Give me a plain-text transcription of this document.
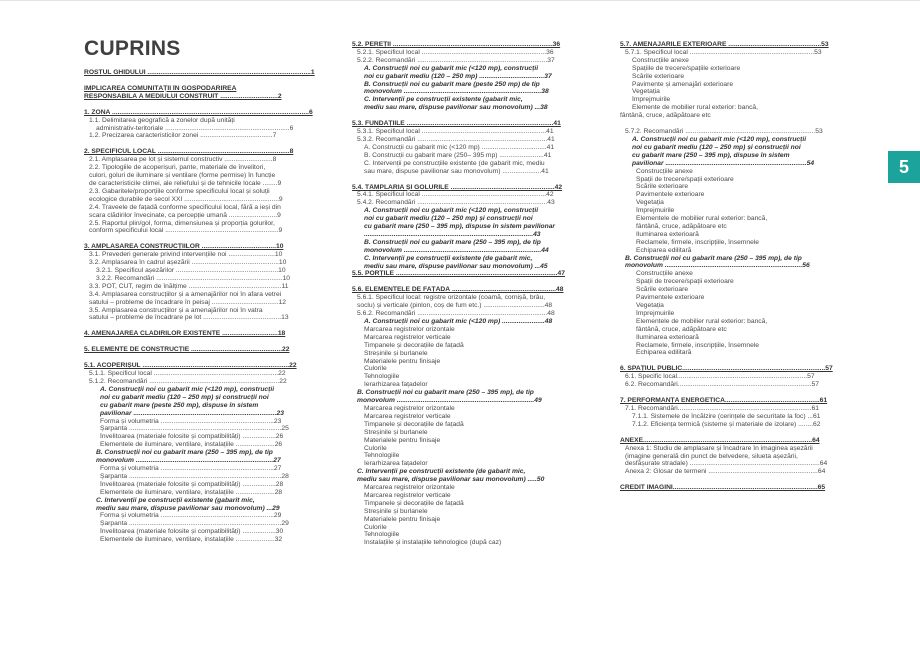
CUPRINS
ROSTUL GHIDULUI ........................................................................................1
IMPLICAREA COMUNITĂȚII ÎN GOSPODĂRIREA
RESPONSABILĂ A MEDIULUI CONSTRUIT ...............................2
1. ZONA ..........................................................................................................6
1.1. Delimitarea geografică a zonelor după unități
administrativ-teritoriale ...................................................................6
1.2. Precizarea caracteristicilor zonei .......................................7
2. SPECIFICUL LOCAL .......................................................................8
2.1. Amplasarea pe lot și sistemul constructiv ..........................8
2.2. Tipologiile de acoperișuri, pante, materiale de învelitori,
culori, goluri de iluminare și ventilare (forme permise) în funcție
de caracteristicile climei, ale reliefului și de tehnicile locale ........9
2.3. Gabaritele/proporțiile conforme specificului local și soluții
ecologice durabile de secol XXI ...................................................9
2.4. Traveele de fațadă conforme specificului local, fără a ieși din
scara clădirilor învecinate, ca percepție umană ..........................9
2.5. Raportul plin/gol, forma, dimensiunea și proporția golurilor,
conform specificului local .............................................................9
3. AMPLASAREA CONSTRUCȚIILOR ........................................10
3.1. Prevederi generale privind intervențiile noi .........................10
3.2. Amplasarea în cadrul așezării ...............................................10
3.2.1. Specificul așezărilor .......................................................10
3.2.2. Recomandări ....................................................................10
3.3. POT, CUT, regim de înălțime ..................................................11
3.4. Amplasarea construcțiilor și a amenajărilor noi în afara vetrei
satului – probleme de încadrare în peisaj ....................................12
3.5. Amplasarea construcțiilor și a amenajărilor noi în vatra
satului – probleme de încadrare pe lot ..........................................13
4. AMENAJAREA CLĂDIRILOR EXISTENTE ..............................18
5. ELEMENTE DE CONSTRUCȚIE .................................................22
5.1. ACOPERIȘUL ...............................................................................22
5.1.1. Specificul local ...................................................................22
5.1.2. Recomandări ......................................................................22
A. Construcții noi cu gabarit mic (<120 mp), construcții
noi cu gabarit mediu (120 – 250 mp) și construcții noi
cu gabarit mare (peste 250 mp), dispuse în sistem
pavilionar .............................................................................23
Forma și volumetria .............................................................23
Șarpanta ..................................................................................25
Învelitoarea (materiale folosite și compatibilități) ..................26
Elementele de iluminare, ventilare, instalațiile .....................26
B. Construcții noi cu gabarit mare (250 – 395 mp), de tip
monovolum ..........................................................................27
Forma și volumetria .............................................................27
Șarpanta ..................................................................................28
Învelitoarea (materiale folosite și compatibilități) ..................28
Elementele de iluminare, ventilare, instalațiile .....................28
C. Intervenții pe construcții existente (gabarit mic,
mediu sau mare, dispuse pavilionar sau monovolum) ...29
Forma și volumetria .............................................................29
Șarpanta ..................................................................................29
Învelitoarea (materiale folosite și compatibilități) ..................30
Elementele de iluminare, ventilare, instalațiile .....................32
5.2. PEREȚII ......................................................................................36
5.2.1. Specificul local ...................................................................36
5.2.2. Recomandări ......................................................................37
A. Construcții noi cu gabarit mic (<120 mp), construcții
noi cu gabarit mediu (120 – 250 mp) ...................................37
B. Construcții noi cu gabarit mare (peste 250 mp) de tip
monovolum ..........................................................................38
C. Intervenții pe construcții existente (gabarit mic,
mediu sau mare, dispuse pavilionar sau monovolum) ...38
5.3. FUNDAȚIILE ...............................................................................41
5.3.1. Specificul local ...................................................................41
5.3.2. Recomandări ......................................................................41
A. Construcții cu gabarit mic (<120 mp) ...................................41
B. Construcții cu gabarit mare (250– 395 mp) ........................41
C. Intervenții pe construcțiile existente (de gabarit mic, mediu
sau mare, dispuse pavilionar sau monovolum) .....................41
5.4. TÂMPLĂRIA ȘI GOLURILE ........................................................42
5.4.1. Specificul local ...................................................................42
5.4.2. Recomandări ......................................................................43
A. Construcții noi cu gabarit mic (<120 mp), construcții
noi cu gabarit mediu (120 – 250 mp) și construcții noi
cu gabarit mare (250 – 395 mp), dispuse în sistem pavilionar
...........................................................................................43
B. Construcții noi cu gabarit mare (250 – 395 mp), de tip
monovolum ..........................................................................44
C. Intervenții pe construcții existente (de gabarit mic,
mediu sau mare, dispuse pavilionar sau monovolum) ...45
5.5. PORȚILE .......................................................................................47
5.6. ELEMENTELE DE FAȚADĂ ........................................................48
5.6.1. Specificul local: registre orizontale (coamă, cornișă, brâu,
soclu) și verticale (pinlon, coș de fum etc.) .................................48
5.6.2. Recomandări ......................................................................48
A. Construcții noi cu gabarit mic (<120 mp) .......................48
Marcarea registrelor orizontale
Marcarea registrelor verticale
Timpanele și decorațiile de fațadă
Streșinile și burlanele
Materialele pentru finisaje
Culorile
Tehnologiile
Ierarhizarea fațadelor
B. Construcții noi cu gabarit mare (250 – 395 mp), de tip
monovolum ..........................................................................49
Marcarea registrelor orizontale
Marcarea registrelor verticale
Timpanele și decorațiile de fațadă
Streșinile și burlanele
Materialele pentru finisaje
Culorile
Tehnologiile
Ierarhizarea fațadelor
C. Intervenții pe construcții existente (de gabarit mic,
mediu sau mare, dispuse pavilionar sau monovolum) .....50
Marcarea registrelor orizontale
Marcarea registrelor verticale
Timpanele și decorațiile de fațadă
Streșinile și burlanele
Materialele pentru finisaje
Culorile
Tehnologiile
Instalațiile și instalațiile tehnologice (după caz)
5.7. AMENAJĂRILE EXTERIOARE ..................................................53
5.7.1. Specificul local ...................................................................53
Construcțiile anexe
Spațiile de trecere/spațiile exterioare
Scările exterioare
Pavimente și amenajări exterioare
Vegetația
Împrejmuirile
Elemente de mobilier rural exterior: bancă,
fântână, cruce, adăpătoare etc
5.7.2. Recomandări ......................................................................53
A. Construcții noi cu gabarit mic (<120 mp), construcții
noi cu gabarit mediu (120 – 250 mp) și construcții noi
cu gabarit mare (250 – 395 mp), dispuse în sistem
pavilionar ............................................................................54
Construcțiile anexe
Spații de trecere/spații exterioare
Scările exterioare
Pavimentele exterioare
Vegetația
Împrejmuirile
Elementele de mobilier rural exterior: bancă,
fântână, cruce, adăpătoare etc
Iluminarea exterioară
Reclamele, firmele, inscripțiile, însemnele
Echiparea edilitară
B. Construcții noi cu gabarit mare (250 – 395 mp), de tip
monovolum ..........................................................................56
Construcțiile anexe
Spații de trecere/spații exterioare
Scările exterioare
Pavimentele exterioare
Vegetația
Împrejmuirile
Elementele de mobilier rural exterior: bancă,
fântână, cruce, adăpătoare etc
Iluminarea exterioară
Reclamele, firmele, inscripțiile, însemnele
Echiparea edilitară
6. SPAȚIUL PUBLIC.............................................................................57
6.1. Specific local......................................................................57
6.2. Recomandări........................................................................57
7. PERFORMANȚA ENERGETICĂ...................................................61
7.1. Recomandări........................................................................61
7.1.1. Sistemele de încălzire (cerințele de securitate la foc) ...61
7.1.2. Eficiența termică (sisteme și materiale de izolare) ........62
ANEXE...........................................................................................64
Anexa 1: Studiu de amplasare și încadrare în imaginea așezării
(imagine generală din punct de belvedere, silueta așezării,
desfășurate stradale) ......................................................................64
Anexa 2: Glosar de termeni ...........................................................64
CREDIT IMAGINI..............................................................................65
5
